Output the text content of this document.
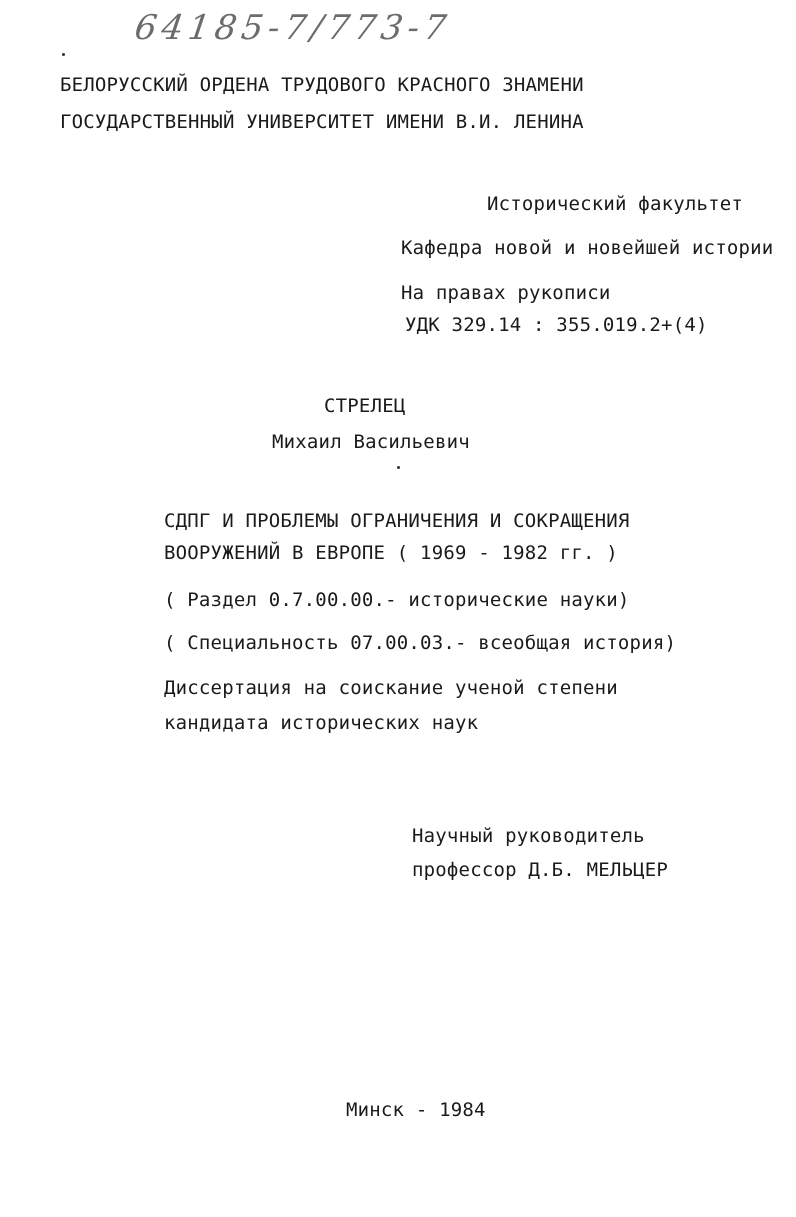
64185-7/773-7
БЕЛОРУССКИЙ ОРДЕНА ТРУДОВОГО КРАСНОГО ЗНАМЕНИ
ГОСУДАРСТВЕННЫЙ УНИВЕРСИТЕТ ИМЕНИ В.И. ЛЕНИНА
Исторический факультет
Кафедра новой и новейшей истории
На правах рукописи
УДК 329.14 : 355.019.2+(4)
СТРЕЛЕЦ
Михаил Васильевич
СДПГ И ПРОБЛЕМЫ ОГРАНИЧЕНИЯ И СОКРАЩЕНИЯ
ВООРУЖЕНИЙ В ЕВРОПЕ ( 1969 - 1982 гг. )
( Раздел 0.7.00.00.- исторические науки)
( Специальность 07.00.03.- всеобщая история)
Диссертация на соискание ученой степени
кандидата исторических наук
Научный руководитель
профессор Д.Б. МЕЛЬЦЕР
Минск - 1984
